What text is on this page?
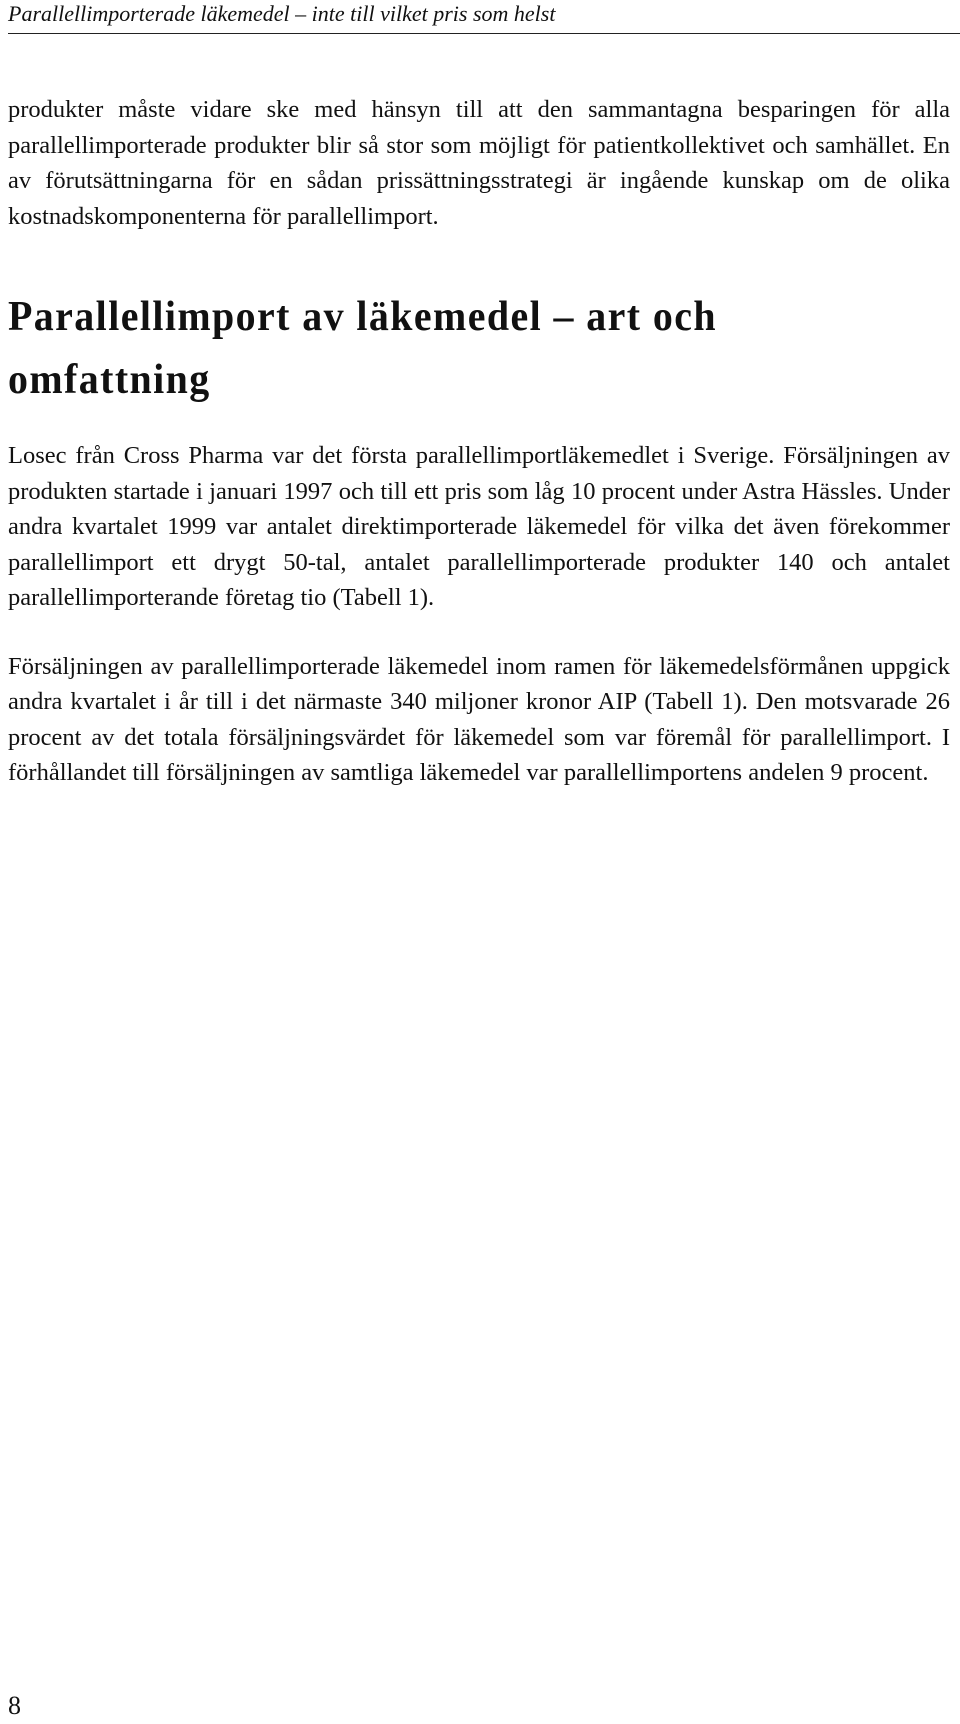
Parallellimporterade läkemedel – inte till vilket pris som helst

produkter måste vidare ske med hänsyn till att den sammantagna besparingen för alla parallellimporterade produkter blir så stor som möjligt för patientkollektivet och samhället. En av förutsättningarna för en sådan prissättningsstrategi är ingående kunskap om de olika kostnadskomponenterna för parallellimport.

Parallellimport av läkemedel – art och omfattning

Losec från Cross Pharma var det första parallellimportläkemedlet i Sverige. Försäljningen av produkten startade i januari 1997 och till ett pris som låg 10 procent under Astra Hässles. Under andra kvartalet 1999 var antalet direktimporterade läkemedel för vilka det även förekommer parallellimport ett drygt 50-tal, antalet parallellimporterade produkter 140 och antalet parallellimporterande företag tio (Tabell 1).

Försäljningen av parallellimporterade läkemedel inom ramen för läkemedelsförmånen uppgick andra kvartalet i år till i det närmaste 340 miljoner kronor AIP (Tabell 1). Den motsvarade 26 procent av det totala försäljningsvärdet för läkemedel som var föremål för parallellimport. I förhållandet till försäljningen av samtliga läkemedel var parallellimportens andelen 9 procent.

8
